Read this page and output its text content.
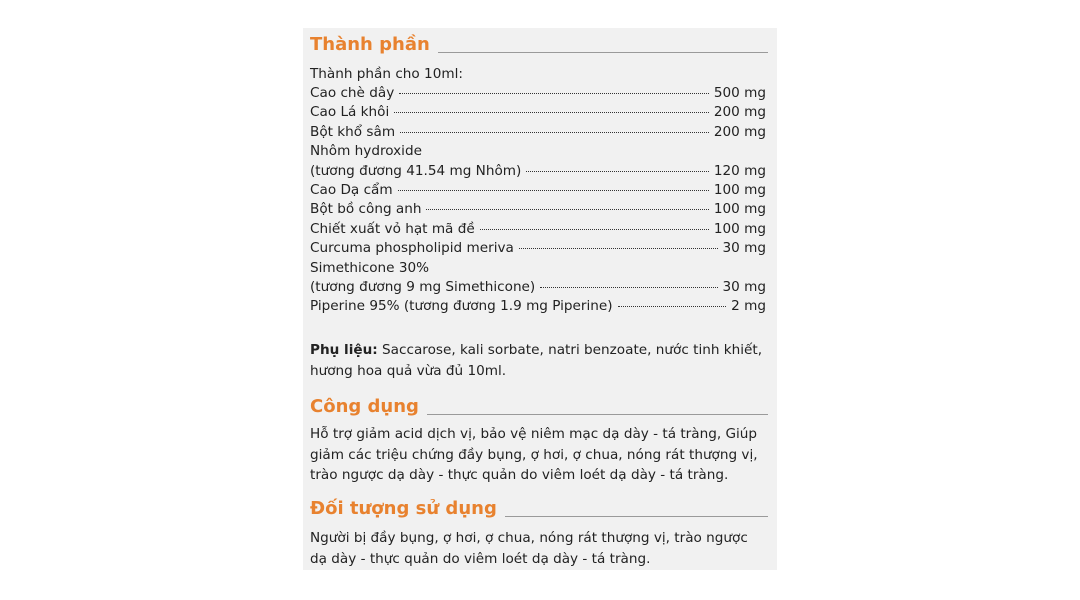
Thành phần
Thành phần cho 10ml:
Cao chè dây	500 mg
Cao Lá khôi	200 mg
Bột khổ sâm	200 mg
Nhôm hydroxide
(tương đương 41.54 mg Nhôm)	120 mg
Cao Dạ cẩm	100 mg
Bột bồ công anh	100 mg
Chiết xuất vỏ hạt mã đề	100 mg
Curcuma phospholipid meriva	30 mg
Simethicone 30%
(tương đương 9 mg Simethicone)	30 mg
Piperine 95% (tương đương 1.9 mg Piperine)	2 mg
Phụ liệu: Saccarose, kali sorbate, natri benzoate, nước tinh khiết,
hương hoa quả vừa đủ 10ml.
Công dụng
Hỗ trợ giảm acid dịch vị, bảo vệ niêm mạc dạ dày - tá tràng, Giúp
giảm các triệu chứng đầy bụng, ợ hơi, ợ chua, nóng rát thượng vị,
trào ngược dạ dày - thực quản do viêm loét dạ dày - tá tràng.
Đối tượng sử dụng
Người bị đầy bụng, ợ hơi, ợ chua, nóng rát thượng vị, trào ngược
dạ dày - thực quản do viêm loét dạ dày - tá tràng.
